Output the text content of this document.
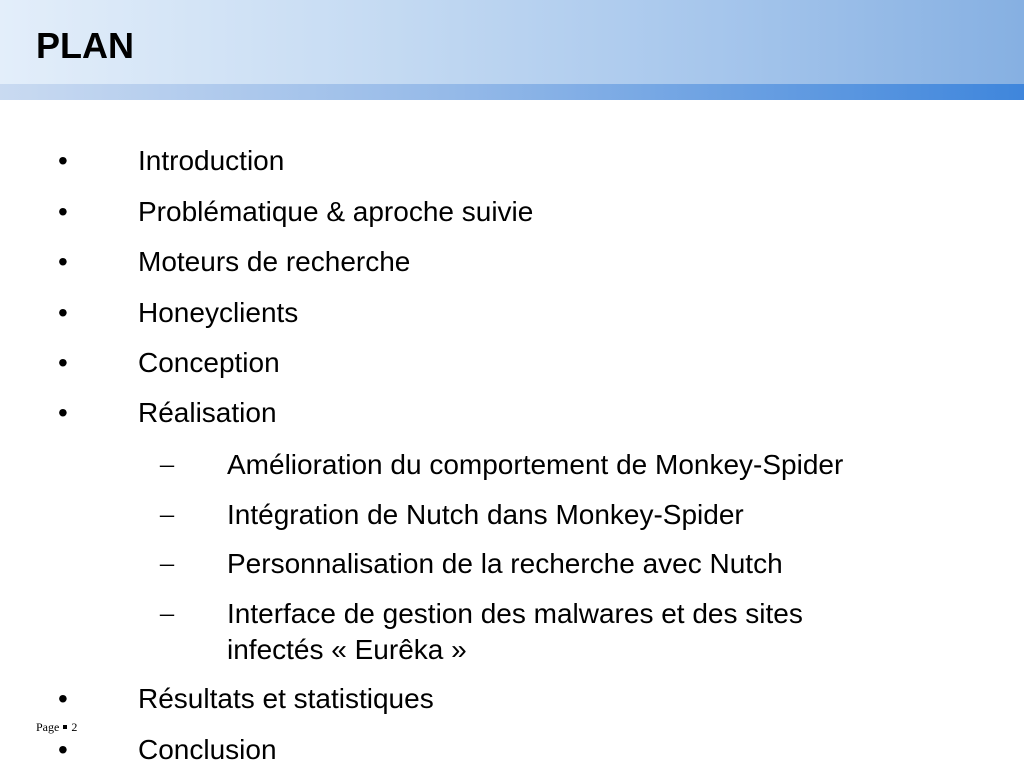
PLAN
•	Introduction
•	Problématique & aproche suivie
•	Moteurs de recherche
•	Honeyclients
•	Conception
•	Réalisation
– Amélioration du comportement de Monkey-Spider
– Intégration de Nutch dans Monkey-Spider
– Personnalisation de la recherche avec Nutch
– Interface de gestion des malwares et des sites
infectés « Eurêka »
•	Résultats et statistiques
•	Conclusion
Page 2
